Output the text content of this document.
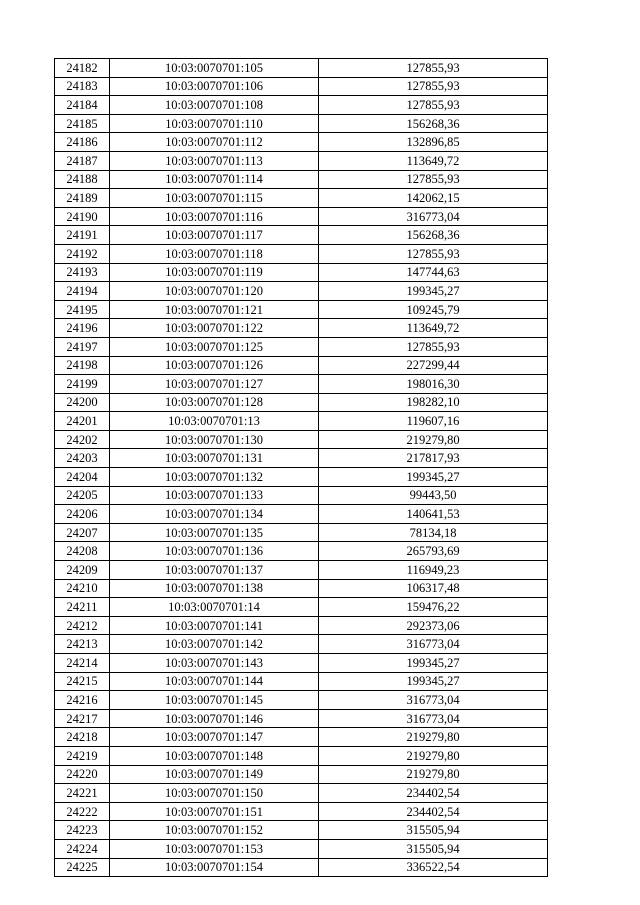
24182	10:03:0070701:105	127855,93
24183	10:03:0070701:106	127855,93
24184	10:03:0070701:108	127855,93
24185	10:03:0070701:110	156268,36
24186	10:03:0070701:112	132896,85
24187	10:03:0070701:113	113649,72
24188	10:03:0070701:114	127855,93
24189	10:03:0070701:115	142062,15
24190	10:03:0070701:116	316773,04
24191	10:03:0070701:117	156268,36
24192	10:03:0070701:118	127855,93
24193	10:03:0070701:119	147744,63
24194	10:03:0070701:120	199345,27
24195	10:03:0070701:121	109245,79
24196	10:03:0070701:122	113649,72
24197	10:03:0070701:125	127855,93
24198	10:03:0070701:126	227299,44
24199	10:03:0070701:127	198016,30
24200	10:03:0070701:128	198282,10
24201	10:03:0070701:13	119607,16
24202	10:03:0070701:130	219279,80
24203	10:03:0070701:131	217817,93
24204	10:03:0070701:132	199345,27
24205	10:03:0070701:133	99443,50
24206	10:03:0070701:134	140641,53
24207	10:03:0070701:135	78134,18
24208	10:03:0070701:136	265793,69
24209	10:03:0070701:137	116949,23
24210	10:03:0070701:138	106317,48
24211	10:03:0070701:14	159476,22
24212	10:03:0070701:141	292373,06
24213	10:03:0070701:142	316773,04
24214	10:03:0070701:143	199345,27
24215	10:03:0070701:144	199345,27
24216	10:03:0070701:145	316773,04
24217	10:03:0070701:146	316773,04
24218	10:03:0070701:147	219279,80
24219	10:03:0070701:148	219279,80
24220	10:03:0070701:149	219279,80
24221	10:03:0070701:150	234402,54
24222	10:03:0070701:151	234402,54
24223	10:03:0070701:152	315505,94
24224	10:03:0070701:153	315505,94
24225	10:03:0070701:154	336522,54
